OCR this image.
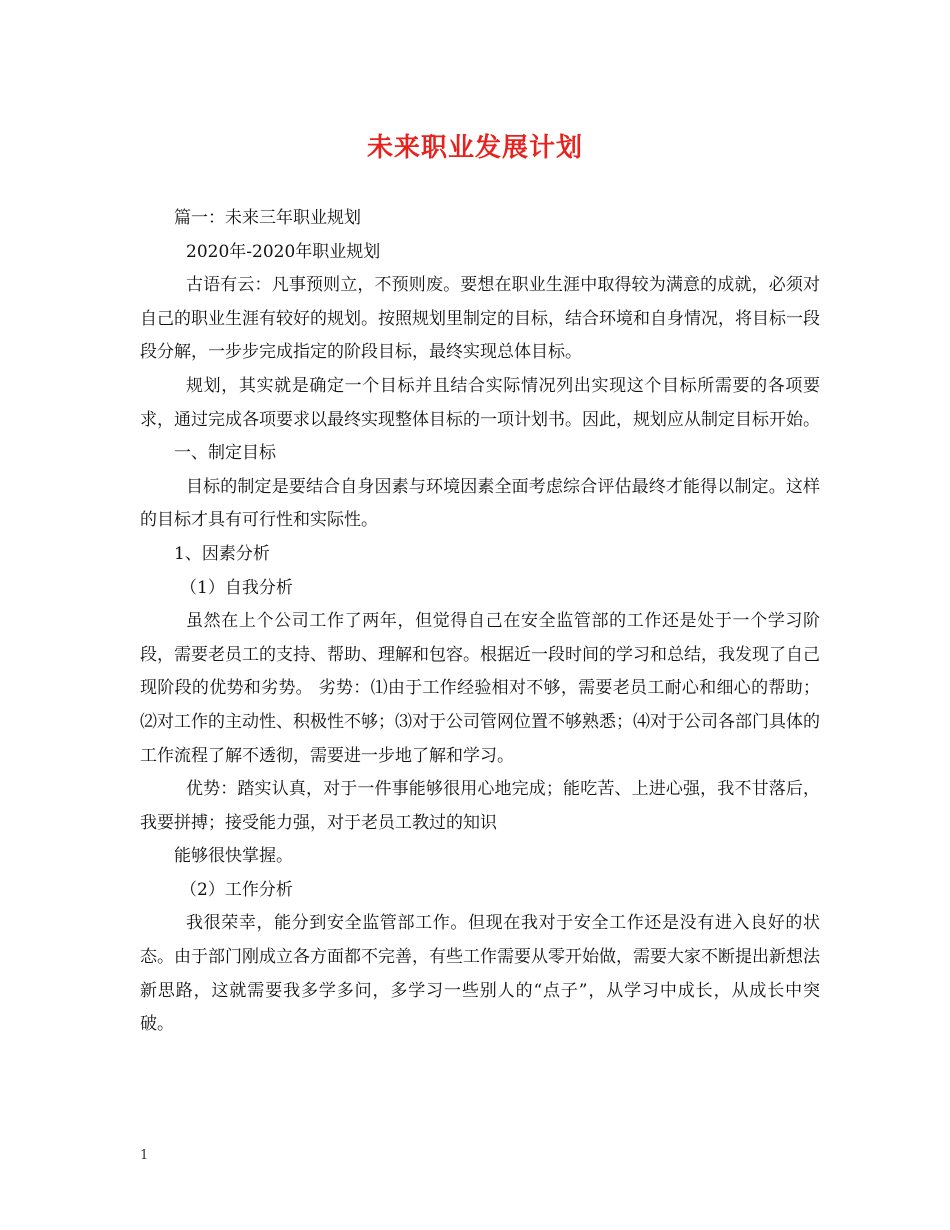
未来职业发展计划

篇一：未来三年职业规划

2020年-2020年职业规划

古语有云：凡事预则立，不预则废。要想在职业生涯中取得较为满意的成就，必须对自己的职业生涯有较好的规划。按照规划里制定的目标，结合环境和自身情况，将目标一段段分解，一步步完成指定的阶段目标，最终实现总体目标。

规划，其实就是确定一个目标并且结合实际情况列出实现这个目标所需要的各项要求，通过完成各项要求以最终实现整体目标的一项计划书。因此，规划应从制定目标开始。

一、制定目标

目标的制定是要结合自身因素与环境因素全面考虑综合评估最终才能得以制定。这样的目标才具有可行性和实际性。

1、因素分析

（1）自我分析

虽然在上个公司工作了两年，但觉得自己在安全监管部的工作还是处于一个学习阶段，需要老员工的支持、帮助、理解和包容。根据近一段时间的学习和总结，我发现了自己现阶段的优势和劣势。 劣势：⑴由于工作经验相对不够，需要老员工耐心和细心的帮助；⑵对工作的主动性、积极性不够；⑶对于公司管网位置不够熟悉；⑷对于公司各部门具体的工作流程了解不透彻，需要进一步地了解和学习。

优势：踏实认真，对于一件事能够很用心地完成；能吃苦、上进心强，我不甘落后，我要拼搏；接受能力强，对于老员工教过的知识

能够很快掌握。

（2）工作分析

我很荣幸，能分到安全监管部工作。但现在我对于安全工作还是没有进入良好的状态。由于部门刚成立各方面都不完善，有些工作需要从零开始做，需要大家不断提出新想法新思路，这就需要我多学多问，多学习一些别人的“点子”，从学习中成长，从成长中突破。

1
